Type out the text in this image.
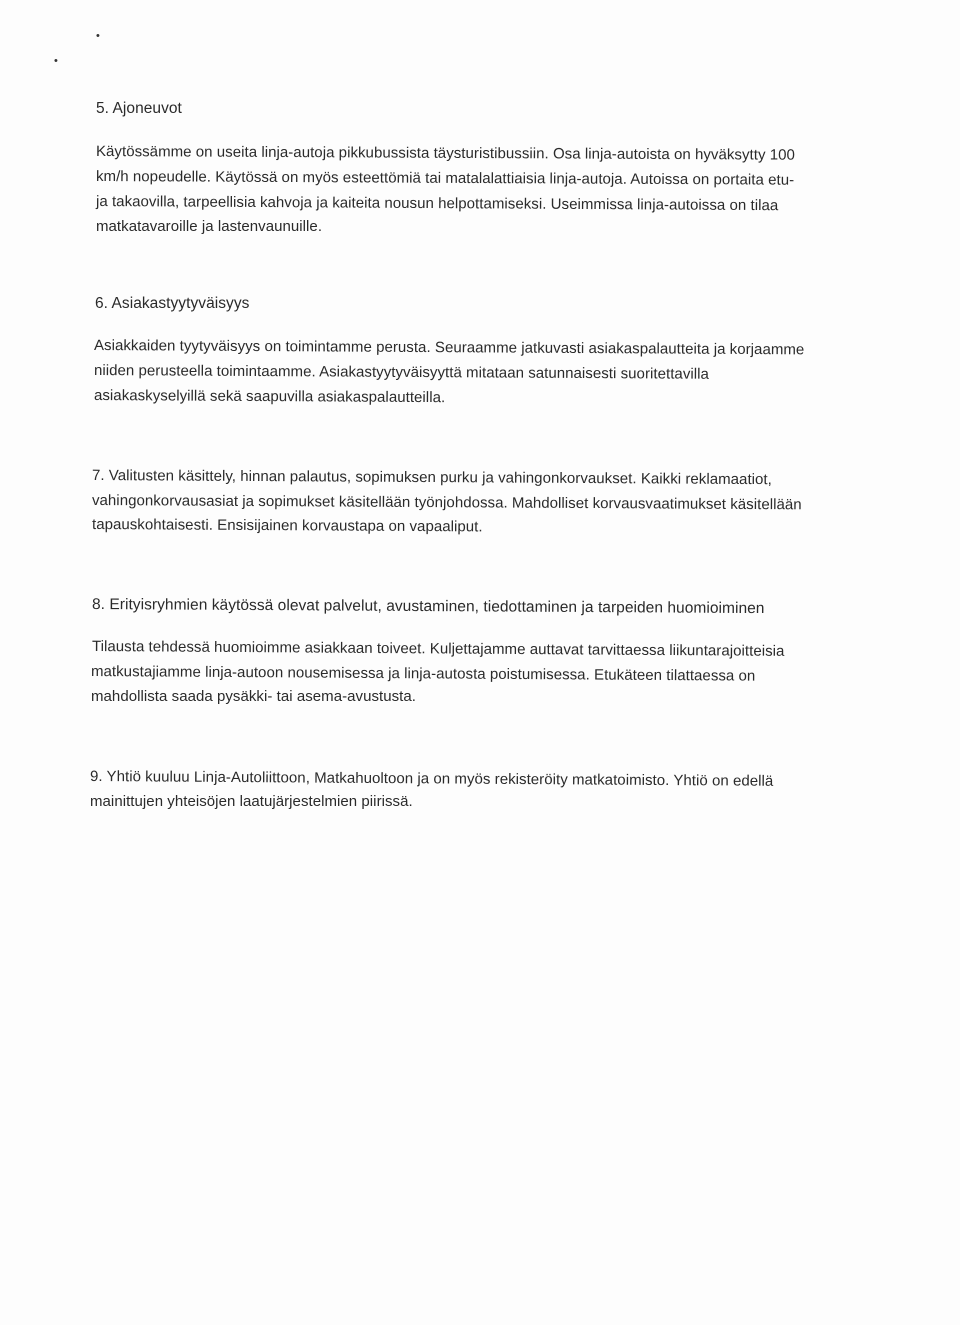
•
•
5. Ajoneuvot
Käytössämme on useita linja-autoja pikkubussista täysturistibussiin. Osa linja-autoista on hyväksytty 100
km/h nopeudelle. Käytössä on myös esteettömiä tai matalalattiaisia linja-autoja. Autoissa on portaita etu-
ja takaovilla, tarpeellisia kahvoja ja kaiteita nousun helpottamiseksi. Useimmissa linja-autoissa on tilaa
matkatavaroille ja lastenvaunuille.
6. Asiakastyytyväisyys
Asiakkaiden tyytyväisyys on toimintamme perusta. Seuraamme jatkuvasti asiakaspalautteita ja korjaamme
niiden perusteella toimintaamme. Asiakastyytyväisyyttä mitataan satunnaisesti suoritettavilla
asiakaskyselyillä sekä saapuvilla asiakaspalautteilla.
7. Valitusten käsittely, hinnan palautus, sopimuksen purku ja vahingonkorvaukset. Kaikki reklamaatiot,
vahingonkorvausasiat ja sopimukset käsitellään työnjohdossa. Mahdolliset korvausvaatimukset käsitellään
tapauskohtaisesti. Ensisijainen korvaustapa on vapaaliput.
8. Erityisryhmien käytössä olevat palvelut, avustaminen, tiedottaminen ja tarpeiden huomioiminen
Tilausta tehdessä huomioimme asiakkaan toiveet. Kuljettajamme auttavat tarvittaessa liikuntarajoitteisia
matkustajiamme linja-autoon nousemisessa ja linja-autosta poistumisessa. Etukäteen tilattaessa on
mahdollista saada pysäkki- tai asema-avustusta.
9. Yhtiö kuuluu Linja-Autoliittoon, Matkahuoltoon ja on myös rekisteröity matkatoimisto. Yhtiö on edellä
mainittujen yhteisöjen laatujärjestelmien piirissä.
